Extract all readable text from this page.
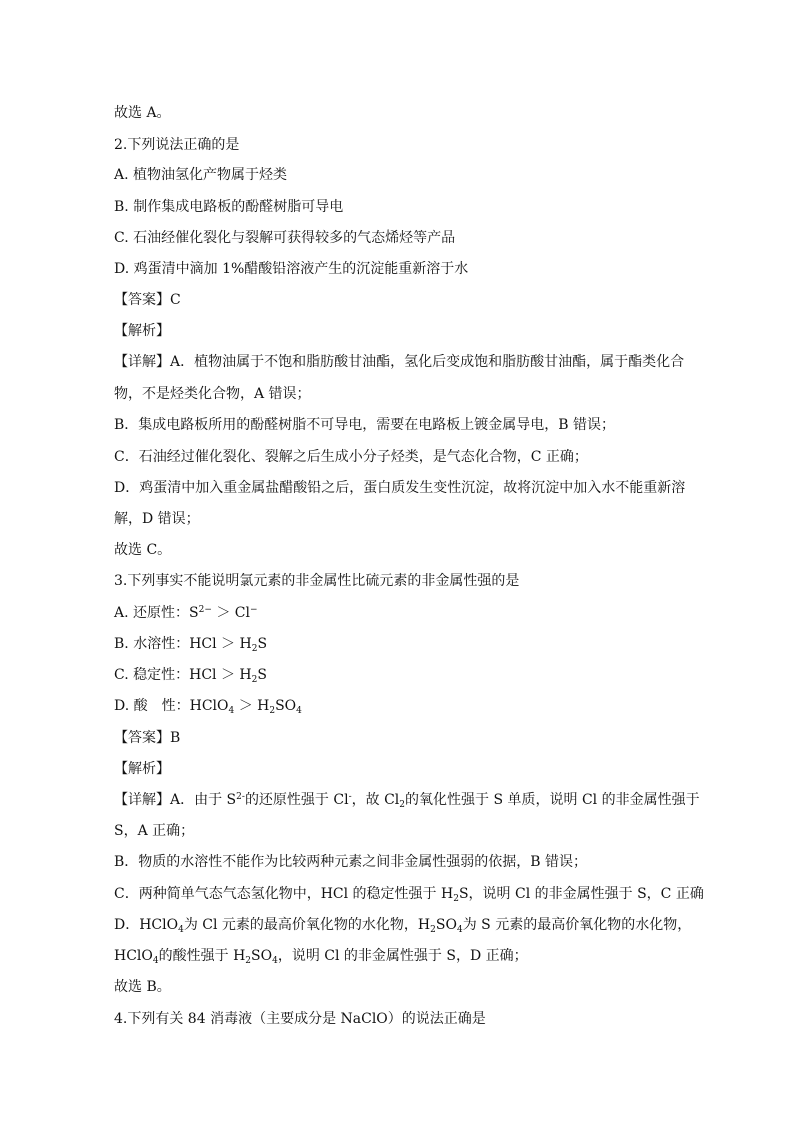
故选 A。
2.下列说法正确的是
A. 植物油氢化产物属于烃类
B. 制作集成电路板的酚醛树脂可导电
C. 石油经催化裂化与裂解可获得较多的气态烯烃等产品
D. 鸡蛋清中滴加 1%醋酸铅溶液产生的沉淀能重新溶于水
【答案】C
【解析】
【详解】A．植物油属于不饱和脂肪酸甘油酯，氢化后变成饱和脂肪酸甘油酯，属于酯类化合
物，不是烃类化合物，A 错误；
B．集成电路板所用的酚醛树脂不可导电，需要在电路板上镀金属导电，B 错误；
C．石油经过催化裂化、裂解之后生成小分子烃类，是气态化合物，C 正确；
D．鸡蛋清中加入重金属盐醋酸铅之后，蛋白质发生变性沉淀，故将沉淀中加入水不能重新溶
解，D 错误；
故选 C。
3.下列事实不能说明氯元素的非金属性比硫元素的非金属性强的是
A. 还原性：$S^{2-} > Cl^-$
B. 水溶性：HCl ＞ $H_2S$
C. 稳定性：HCl ＞ $H_2S$
D. 酸　性：HClO$_4$ ＞ $H_2SO_4$
【答案】B
【解析】
【详解】A．由于 $S^{2-}$的还原性强于 Cl-，故 $Cl_2$的氧化性强于 S 单质，说明 Cl 的非金属性强于
S，A 正确；
B．物质的水溶性不能作为比较两种元素之间非金属性强弱的依据，B 错误；
C．两种简单气态气态氢化物中，HCl 的稳定性强于 $H_2S$，说明 Cl 的非金属性强于 S，C 正确
D．HClO$_4$为 Cl 元素的最高价氧化物的水化物，$H_2SO_4$为 S 元素的最高价氧化物的水化物，
HClO$_4$的酸性强于 $H_2SO_4$，说明 Cl 的非金属性强于 S，D 正确；
故选 B。
4.下列有关 84 消毒液（主要成分是 NaClO）的说法正确是
